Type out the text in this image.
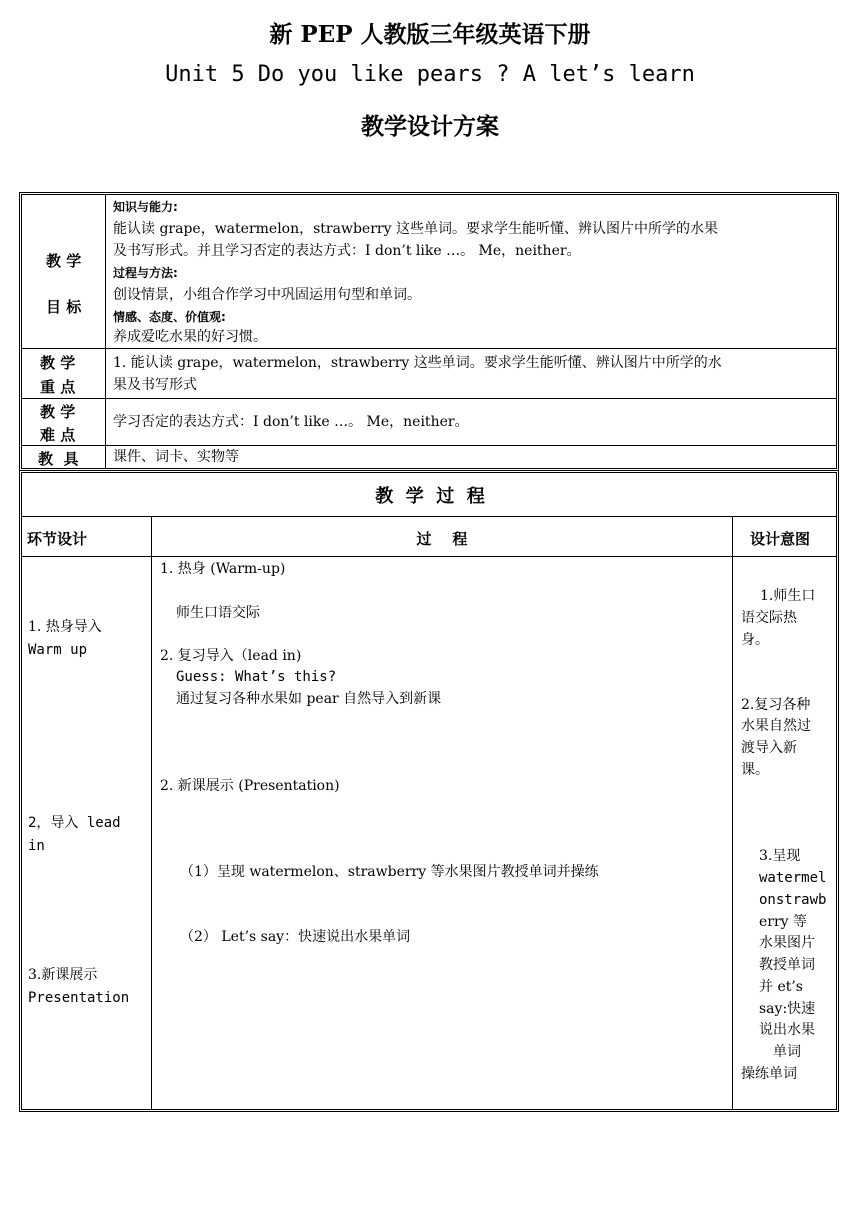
新 PEP 人教版三年级英语下册
Unit 5 Do you like pears ? A let’s learn
教学设计方案
教 学
目 标
知识与能力:
能认读 grape，watermelon，strawberry 这些单词。要求学生能听懂、辨认图片中所学的水果
及书写形式。并且学习否定的表达方式：I don’t like …。 Me，neither。
过程与方法:
创设情景，小组合作学习中巩固运用句型和单词。
情感、态度、价值观:
养成爱吃水果的好习惯。
教 学
重 点
1. 能认读 grape，watermelon，strawberry 这些单词。要求学生能听懂、辨认图片中所学的水
果及书写形式
教 学
难 点
学习否定的表达方式：I don’t like …。 Me，neither。
教  具 课件、词卡、实物等
教  学  过  程
环节设计	过    程	设计意图
1. 热身导入
Warm up
2，导入 lead
in
3.新课展示
Presentation
1. 热身 (Warm-up)
师生口语交际
2. 复习导入（lead in)
Guess: What’s this?
通过复习各种水果如 pear 自然导入到新课
2. 新课展示 (Presentation)
（1）呈现 watermelon、strawberry 等水果图片教授单词并操练
（2） Let’s say：快速说出水果单词
1.师生口
语交际热
身。
2.复习各种
水果自然过
渡导入新
课。
3.呈现
watermel
onstrawb
erry 等
水果图片
教授单词
并 et’s
say:快速
说出水果
单词
操练单词
